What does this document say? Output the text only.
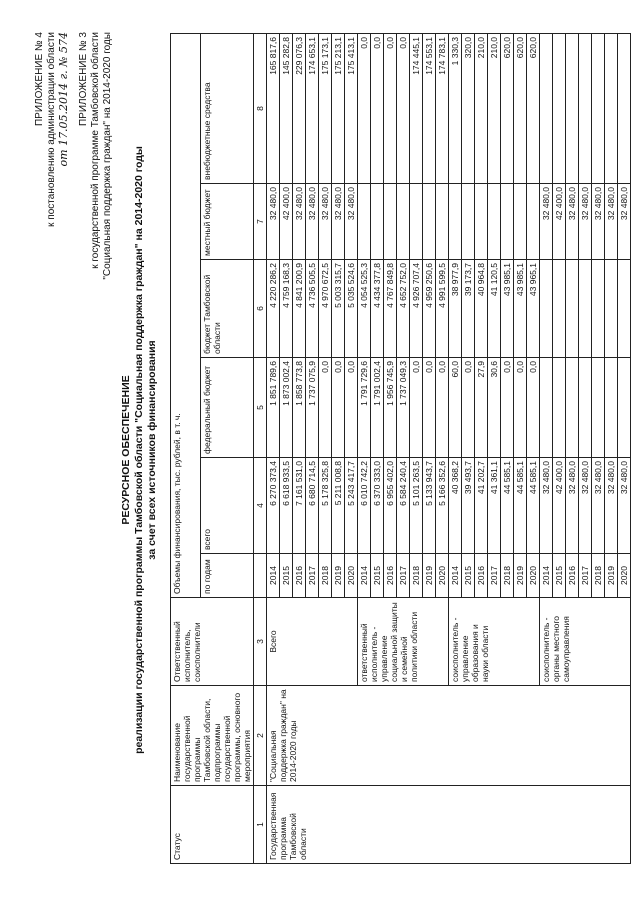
ПРИЛОЖЕНИЕ № 4 к постановлению администрации области от 17.05.2014 г. № 574 ПРИЛОЖЕНИЕ № 3 к государственной программе Тамбовской области "Социальная поддержка граждан" на 2014-2020 годы
РЕСУРСНОЕ ОБЕСПЕЧЕНИЕ реализации государственной программы Тамбовской области "Социальная поддержка граждан" на 2014-2020 годы за счет всех источников финансирования
Статус	Наименование государственной программы Тамбовской области, подпрограммы государственной программы, основного мероприятия	Ответственный исполнитель, соисполнители	Объемы финансирования, тыс. рублей, в т. ч.					
			по годам	всего	федеральный бюджет	бюджет Тамбовской области	местный бюджет	внебюджетные средства
1	2	3		4	5	6	7	8
Государственная программа Тамбовской области	"Социальная поддержка граждан" на 2014-2020 годы	Всего	2014	6 270 373,4	1 851 789,6	4 220 286,2	32 480,0	165 817,6
			2015	6 618 933,5	1 873 002,4	4 759 168,3	42 400,0	145 282,8
			2016	7 161 531,0	1 858 773,8	4 841 200,9	32 480,0	229 076,3
			2017	6 680 714,5	1 737 075,9	4 736 505,5	32 480,0	174 653,1
			2018	5 178 325,8	0,0	4 970 672,5	32 480,0	175 173,1
			2019	5 211 008,8	0,0	5 003 315,7	32 480,0	175 213,1
			2020	5 243 417,7	0,0	5 035 524,6	32 480,0	175 413,1
		ответственный исполнитель - управление социальной защиты и семейной политики области	2014	6 010 742,2	1 791 729,6	4 054 525,3		0,0
			2015	6 370 333,0	1 791 002,4	4 434 377,8		0,0
			2016	6 955 402,0	1 956 745,9	4 767 849,8		0,0
			2017	6 584 240,4	1 737 049,3	4 652 752,0		0,0
			2018	5 101 263,5	0,0	4 926 707,4		174 445,1
			2019	5 133 943,7	0,0	4 959 250,6		174 553,1
			2020	5 166 352,6	0,0	4 991 599,5		174 783,1
		соисполнитель - управление образования и науки области	2014	40 368,2	60,0	38 977,9		1 330,3
			2015	39 493,7	0,0	39 173,7		320,0
			2016	41 202,7	27,9	40 964,8		210,0
			2017	41 361,1	30,6	41 120,5		210,0
			2018	44 585,1	0,0	43 985,1		620,0
			2019	44 585,1	0,0	43 985,1		620,0
			2020	44 585,1	0,0	43 965,1		620,0
		соисполнитель - органы местного самоуправления	2014	32 480,0			32 480,0	
			2015	42 400,0			42 400,0	
			2016	32 480,0			32 480,0	
			2017	32 480,0			32 480,0	
			2018	32 480,0			32 480,0	
			2019	32 480,0			32 480,0	
			2020	32 480,0			32 480,0	
